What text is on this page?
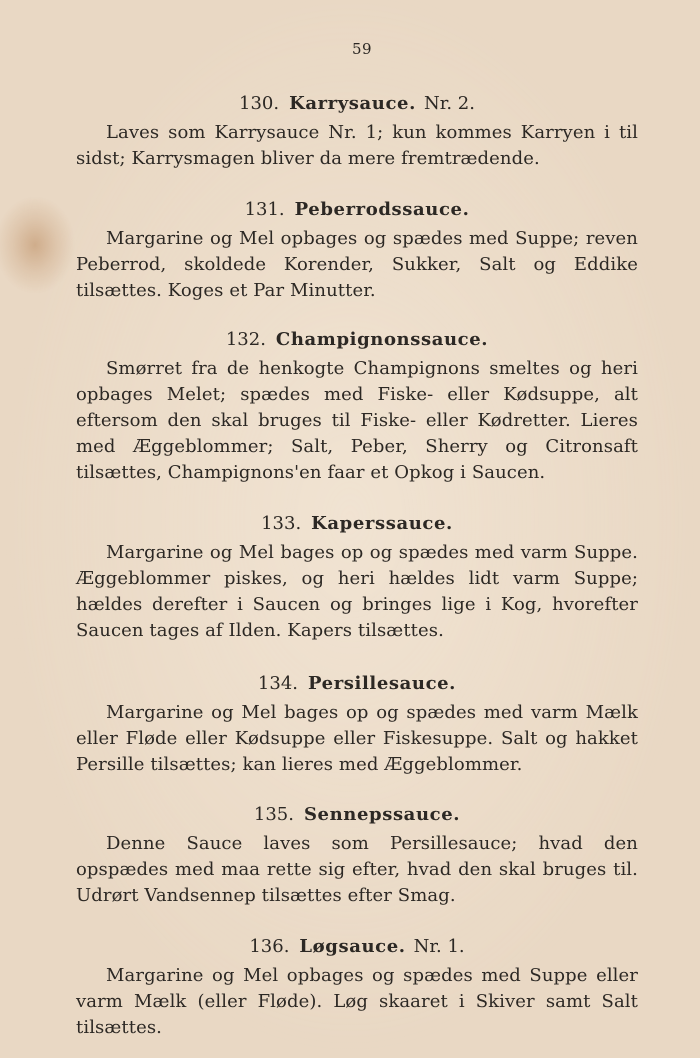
59
130. Karrysauce. Nr. 2.

Laves som Karrysauce Nr. 1; kun kommes Karryen i til sidst; Karrysmagen bliver da mere fremtrædende.

131. Peberrodssauce.

Margarine og Mel opbages og spædes med Suppe; reven Peberrod, skoldede Korender, Sukker, Salt og Eddike tilsættes. Koges et Par Minutter.

132. Champignonssauce.

Smørret fra de henkogte Champignons smeltes og heri opbages Melet; spædes med Fiske- eller Kødsuppe, alt eftersom den skal bruges til Fiske- eller Kødretter. Lieres med Æggeblommer; Salt, Peber, Sherry og Citronsaft tilsættes, Champignons'en faar et Opkog i Saucen.

133. Kaperssauce.

Margarine og Mel bages op og spædes med varm Suppe. Æggeblommer piskes, og heri hældes lidt varm Suppe; hældes derefter i Saucen og bringes lige i Kog, hvorefter Saucen tages af Ilden. Kapers tilsættes.

134. Persillesauce.

Margarine og Mel bages op og spædes med varm Mælk eller Fløde eller Kødsuppe eller Fiskesuppe. Salt og hakket Persille tilsættes; kan lieres med Æggeblommer.

135. Sennepssauce.

Denne Sauce laves som Persillesauce; hvad den opspædes med maa rette sig efter, hvad den skal bruges til. Udrørt Vandsennep tilsættes efter Smag.

136. Løgsauce. Nr. 1.

Margarine og Mel opbages og spædes med Suppe eller varm Mælk (eller Fløde). Løg skaaret i Skiver samt Salt tilsættes.
